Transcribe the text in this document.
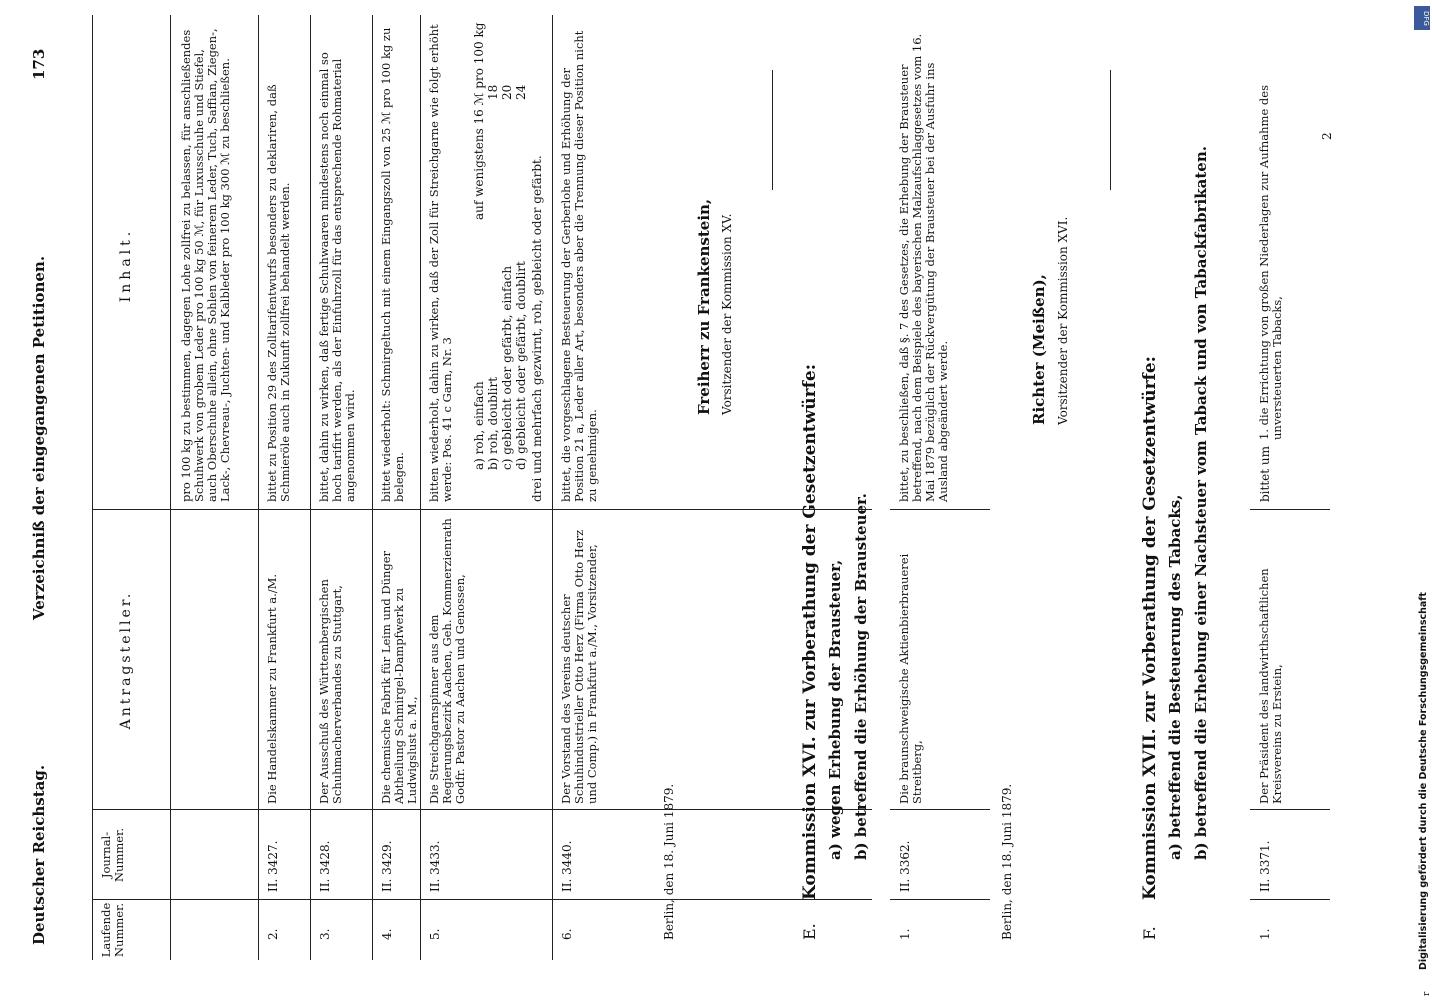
Deutscher Reichstag.
Verzeichniß der eingegangenen Petitionen.
173
Laufende Nummer.
Journal-Nummer.
Antragsteller.
Inhalt.	pro 100 kg zu bestimmen, dagegen Lohe zollfrei zu belassen, für anschließendes Schuhwerk von grobem Leder pro 100 kg 50 ℳ, für Luxusschuhe und Stiefel, auch Oberschuhe allein, ohne Sohlen von feinerem Leder, Tuch, Saffian, Ziegen-, Lack-, Chevreau-, Juchten- und Kalbleder pro 100 kg 300 ℳ zu beschließen.
2.
II. 3427.
Die Handelskammer zu Frankfurt a./M.
bittet zu Position 29 des Zolltarifentwurfs besonders zu deklariren, daß Schmieröle auch in Zukunft zollfrei behandelt werden.
3.
II. 3428.
Der Ausschuß des Württembergischen Schuhmacherverbandes zu Stuttgart,
bittet, dahin zu wirken, daß fertige Schuhwaaren mindestens noch einmal so hoch tarifirt werden, als der Einfuhrzoll für das entsprechende Rohmaterial angenommen wird.
4.
II. 3429.
Die chemische Fabrik für Leim und Dünger Abtheilung Schmirgel-Dampfwerk zu Ludwigslust a. M.,
bittet wiederholt: Schmirgeltuch mit einem Eingangszoll von 25 ℳ pro 100 kg zu belegen.
5.
II. 3433.
Die Streichgarnspinner aus dem Regierungsbezirk Aachen, Geh. Kommerzienrath Godfr. Pastor zu Aachen und Genossen,
bitten wiederholt, dahin zu wirken, daß der Zoll für Streichgarne wie folgt erhöht werde: Pos. 41 c Garn, Nr. 3 a) roh, einfach
auf wenigstens 16 ℳ pro 100 kg
b) roh, doublirt
18
c) gebleicht oder gefärbt, einfach
20
d) gebleicht oder gefärbt, doublirt
24
drei und mehrfach gezwirnt, roh, gebleicht oder gefärbt.
6.
II. 3440.
Der Vorstand des Vereins deutscher Schuhindustrieller Otto Herz (Firma Otto Herz und Comp.) in Frankfurt a./M., Vorsitzender,
bittet, die vorgeschlagene Besteuerung der Gerberlohe und Erhöhung der Position 21 a, Leder aller Art, besonders aber die Trennung dieser Position nicht zu genehmigen.
Berlin, den 18. Juni 1879.
Freiherr zu Frankenstein, Vorsitzender der Kommission XV.
E.
Kommission XVI. zur Vorberathung der Gesetzentwürfe: a) wegen Erhebung der Brausteuer, b) betreffend die Erhöhung der Brausteuer.
1.
II. 3362.
Die braunschweigische Aktienbierbrauerei Streitberg,
bittet, zu beschließen, daß §. 7 des Gesetzes, die Erhebung der Brausteuer betreffend, nach dem Beispiele des bayerischen Malzaufschlaggesetzes vom 16. Mai 1879 bezüglich der Rückvergütung der Brausteuer bei der Ausfuhr ins Ausland abgeändert werde.
Berlin, den 18. Juni 1879.
Richter (Meißen), Vorsitzender der Kommission XVI.
F.
Kommission XVII. zur Vorberathung der Gesetzentwürfe: a) betreffend die Besteuerung des Tabacks, b) betreffend die Erhebung einer Nachsteuer vom Taback und von Tabackfabrikaten.
1.
II. 3371.
Der Präsident des landwirthschaftlichen Kreisvereins zu Erstein,
bittet um
1. die Errichtung von großen Niederlagen zur Aufnahme des unversteuerten Tabacks,
2
r
DFG
Digitalisierung gefördert durch die Deutsche Forschungsgemeinschaft
